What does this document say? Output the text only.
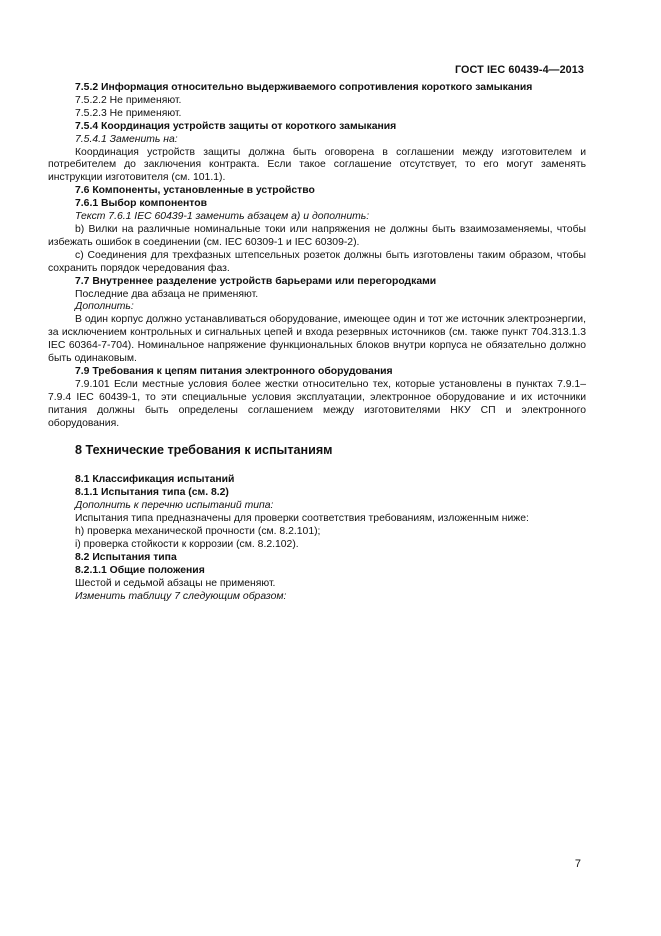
ГОСТ IEC 60439-4—2013

7.5.2 Информация относительно выдерживаемого сопротивления короткого замыкания

7.5.2.2 Не применяют.

7.5.2.3 Не применяют.

7.5.4 Координация устройств защиты от короткого замыкания

7.5.4.1 Заменить на:

Координация устройств защиты должна быть оговорена в соглашении между изготовителем и потребителем до заключения контракта. Если такое соглашение отсутствует, то его могут заменять инструкции изготовителя (см. 101.1).

7.6 Компоненты, установленные в устройство

7.6.1 Выбор компонентов

Текст 7.6.1 IEC 60439-1 заменить абзацем а) и дополнить:

b) Вилки на различные номинальные токи или напряжения не должны быть взаимозаменяемы, чтобы избежать ошибок в соединении (см. IEC 60309-1 и IEC 60309-2).

c) Соединения для трехфазных штепсельных розеток должны быть изготовлены таким образом, чтобы сохранить порядок чередования фаз.

7.7 Внутреннее разделение устройств барьерами или перегородками

Последние два абзаца не применяют.

Дополнить:

В один корпус должно устанавливаться оборудование, имеющее один и тот же источник электроэнергии, за исключением контрольных и сигнальных цепей и входа резервных источников (см. также пункт 704.313.1.3 IEC 60364-7-704). Номинальное напряжение функциональных блоков внутри корпуса не обязательно должно быть одинаковым.

7.9 Требования к цепям питания электронного оборудования

7.9.101 Если местные условия более жестки относительно тех, которые установлены в пунктах 7.9.1–7.9.4 IEC 60439-1, то эти специальные условия эксплуатации, электронное оборудование и их источники питания должны быть определены соглашением между изготовителями НКУ СП и электронного оборудования.

8 Технические требования к испытаниям

8.1 Классификация испытаний

8.1.1 Испытания типа (см. 8.2)

Дополнить к перечню испытаний типа:

Испытания типа предназначены для проверки соответствия требованиям, изложенным ниже:

h) проверка механической прочности (см. 8.2.101);

i) проверка стойкости к коррозии (см. 8.2.102).

8.2 Испытания типа

8.2.1.1 Общие положения

Шестой и седьмой абзацы не применяют.

Изменить таблицу 7 следующим образом:

7
